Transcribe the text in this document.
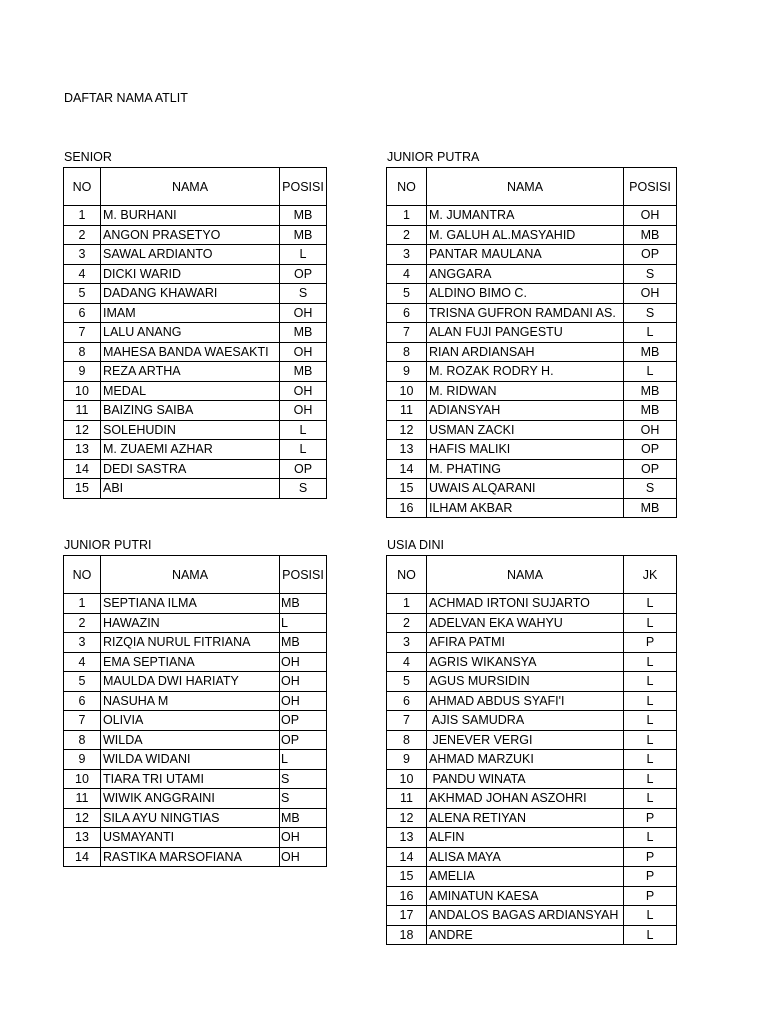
DAFTAR NAMA ATLIT
SENIOR
NO	NAMA	POSISI
1	M. BURHANI	MB
2	ANGON PRASETYO	MB
3	SAWAL ARDIANTO	L
4	DICKI WARID	OP
5	DADANG KHAWARI	S
6	IMAM	OH
7	LALU ANANG	MB
8	MAHESA BANDA WAESAKTI	OH
9	REZA ARTHA	MB
10	MEDAL	OH
11	BAIZING SAIBA	OH
12	SOLEHUDIN	L
13	M. ZUAEMI AZHAR	L
14	DEDI SASTRA	OP
15	ABI	S
JUNIOR PUTRA
NO	NAMA	POSISI
1	M. JUMANTRA	OH
2	M. GALUH AL.MASYAHID	MB
3	PANTAR MAULANA	OP
4	ANGGARA	S
5	ALDINO BIMO C.	OH
6	TRISNA GUFRON RAMDANI AS.	S
7	ALAN FUJI PANGESTU	L
8	RIAN ARDIANSAH	MB
9	M. ROZAK RODRY H.	L
10	M. RIDWAN	MB
11	ADIANSYAH	MB
12	USMAN ZACKI	OH
13	HAFIS MALIKI	OP
14	M. PHATING	OP
15	UWAIS ALQARANI	S
16	ILHAM AKBAR	MB
JUNIOR PUTRI
NO	NAMA	POSISI
1	SEPTIANA ILMA	MB
2	HAWAZIN	L
3	RIZQIA NURUL FITRIANA	MB
4	EMA SEPTIANA	OH
5	MAULDA DWI HARIATY	OH
6	NASUHA M	OH
7	OLIVIA	OP
8	WILDA	OP
9	WILDA WIDANI	L
10	TIARA TRI UTAMI	S
11	WIWIK ANGGRAINI	S
12	SILA AYU NINGTIAS	MB
13	USMAYANTI	OH
14	RASTIKA MARSOFIANA	OH
USIA DINI
NO	NAMA	JK
1	ACHMAD IRTONI SUJARTO	L
2	ADELVAN EKA WAHYU	L
3	AFIRA PATMI	P
4	AGRIS WIKANSYA	L
5	AGUS MURSIDIN	L
6	AHMAD ABDUS SYAFI'I	L
7	AJIS SAMUDRA	L
8	JENEVER VERGI	L
9	AHMAD MARZUKI	L
10	PANDU WINATA	L
11	AKHMAD JOHAN ASZOHRI	L
12	ALENA RETIYAN	P
13	ALFIN	L
14	ALISA MAYA	P
15	AMELIA	P
16	AMINATUN KAESA	P
17	ANDALOS BAGAS ARDIANSYAH	L
18	ANDRE	L
